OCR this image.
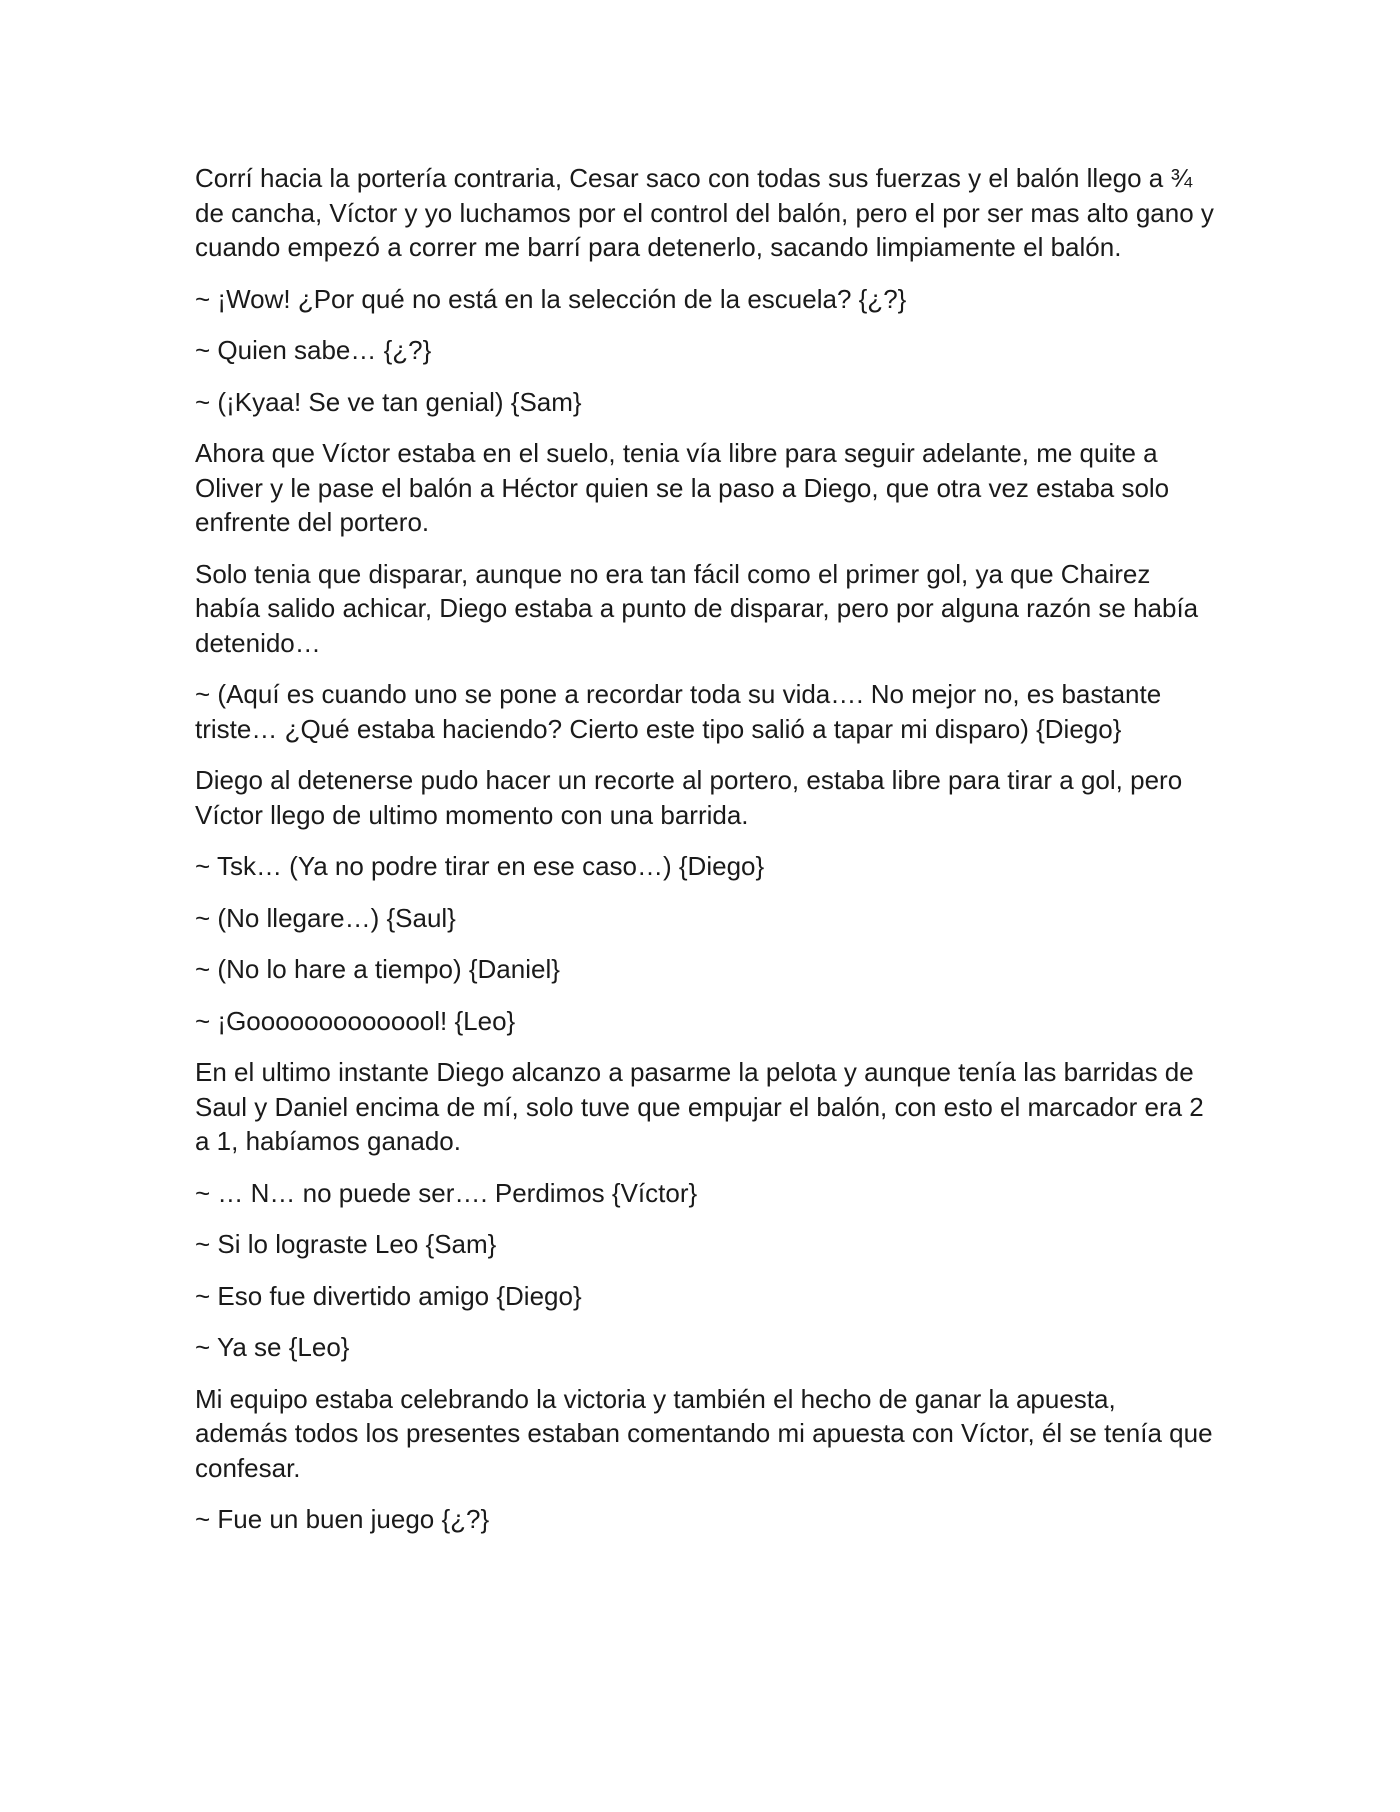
Corrí hacia la portería contraria, Cesar saco con todas sus fuerzas y el balón llego a ¾ de cancha, Víctor y yo luchamos por el control del balón, pero el por ser mas alto gano y cuando empezó a correr me barrí para detenerlo, sacando limpiamente el balón.

~ ¡Wow! ¿Por qué no está en la selección de la escuela? {¿?}

~ Quien sabe… {¿?}

~ (¡Kyaa! Se ve tan genial) {Sam}

Ahora que Víctor estaba en el suelo, tenia vía libre para seguir adelante, me quite a Oliver y le pase el balón a Héctor quien se la paso a Diego, que otra vez estaba solo enfrente del portero.

Solo tenia que disparar, aunque no era tan fácil como el primer gol, ya que Chairez había salido achicar, Diego estaba a punto de disparar, pero por alguna razón se había detenido…

~ (Aquí es cuando uno se pone a recordar toda su vida…. No mejor no, es bastante triste… ¿Qué estaba haciendo? Cierto este tipo salió a tapar mi disparo) {Diego}

Diego al detenerse pudo hacer un recorte al portero, estaba libre para tirar a gol, pero Víctor llego de ultimo momento con una barrida.

~ Tsk… (Ya no podre tirar en ese caso…) {Diego}

~ (No llegare…) {Saul}

~ (No lo hare a tiempo) {Daniel}

~ ¡Goooooooooooool! {Leo}

En el ultimo instante Diego alcanzo a pasarme la pelota y aunque tenía las barridas de Saul y Daniel encima de mí, solo tuve que empujar el balón, con esto el marcador era 2 a 1, habíamos ganado.

~ … N… no puede ser…. Perdimos {Víctor}

~ Si lo lograste Leo {Sam}

~ Eso fue divertido amigo {Diego}

~ Ya se {Leo}

Mi equipo estaba celebrando la victoria y también el hecho de ganar la apuesta, además todos los presentes estaban comentando mi apuesta con Víctor, él se tenía que confesar.

~ Fue un buen juego {¿?}
